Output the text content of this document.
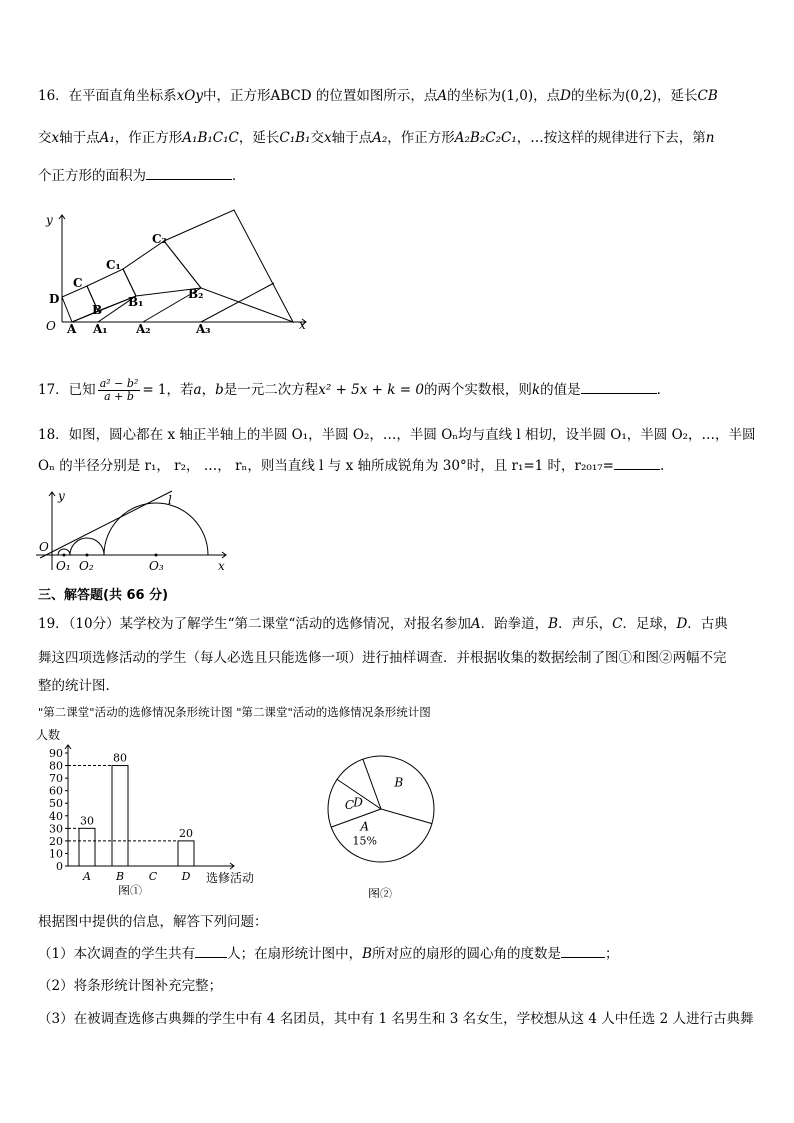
16．在平面直角坐标系xOy中，正方形ABCD 的位置如图所示，点A的坐标为(1,0)，点D的坐标为(0,2)，延长CB
交x轴于点A₁，作正方形A₁B₁C₁C，延长C₁B₁交x轴于点A₂，作正方形A₂B₂C₂C₁，…按这样的规律进行下去，第n
个正方形的面积为	．
y
x
O
D
C
B
A
C₁
B₁
A₁
C₂
B₂
A₂	A₃
17．已知 $\frac{\text{a² − b²}}{a + b} = 1$，若a，b是一元二次方程x² + 5x + k = 0的两个实数根，则k的值是	．
18．如图，圆心都在 x 轴正半轴上的半圆 O₁，半圆 O₂，…，半圆 Oₙ均与直线 l 相切，设半圆 O₁，半圆 O₂，…，半圆
Oₙ 的半径分别是 r₁， r₂， …， rₙ，则当直线 l 与 x 轴所成锐角为 30°时，且 r₁=1 时，r₂₀₁₇=	.
y
O
l
O₁ O₂	O₃	x
三、解答题(共 66 分)
19．（10分）某学校为了解学生“第二课堂“活动的选修情况，对报名参加A．跆拳道，B．声乐，C．足球，D．古典
舞这四项选修活动的学生（每人必选且只能选修一项）进行抽样调查．并根据收集的数据绘制了图①和图②两幅不完
整的统计图．
"第二课堂"活动的选修情况条形统计图 "第二课堂"活动的选修情况条形统计图
人数
选修活动
图①
0
10
20
30
40
50
60
70
80
90
30
A
80
B C
20
D
图②
A
15%
D
C
B
根据图中提供的信息，解答下列问题：
（1）本次调查的学生共有 人；在扇形统计图中，B所对应的扇形的圆心角的度数是	；
（2）将条形统计图补充完整；
（3）在被调查选修古典舞的学生中有 4 名团员，其中有 1 名男生和 3 名女生，学校想从这 4 人中任选 2 人进行古典舞
